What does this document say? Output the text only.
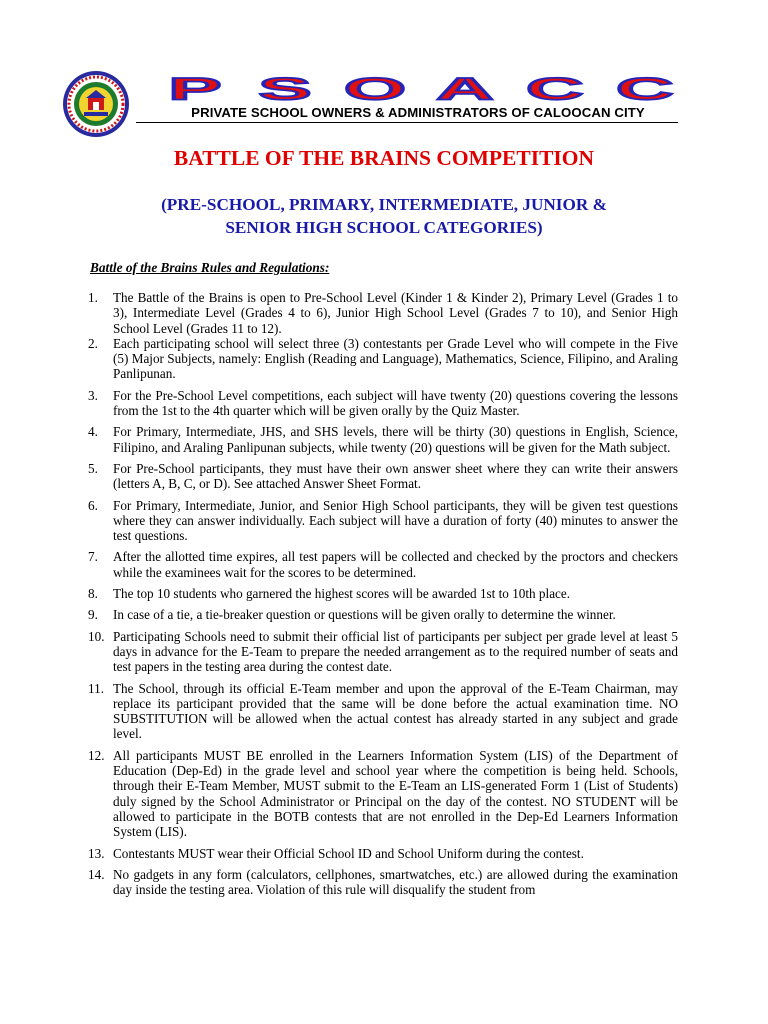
P S O A C C
PRIVATE SCHOOL OWNERS & ADMINISTRATORS OF CALOOCAN CITY
BATTLE OF THE BRAINS COMPETITION
(PRE-SCHOOL, PRIMARY, INTERMEDIATE, JUNIOR &
SENIOR HIGH SCHOOL CATEGORIES)
Battle of the Brains Rules and Regulations:
1.	The Battle of the Brains is open to Pre-School Level (Kinder 1 & Kinder 2), Primary Level (Grades 1 to 3), Intermediate Level (Grades 4 to 6), Junior High School Level (Grades 7 to 10), and Senior High School Level (Grades 11 to 12).
2.	Each participating school will select three (3) contestants per Grade Level who will compete in the Five (5) Major Subjects, namely: English (Reading and Language), Mathematics, Science, Filipino, and Araling Panlipunan.
3.	For the Pre-School Level competitions, each subject will have twenty (20) questions covering the lessons from the 1st to the 4th quarter which will be given orally by the Quiz Master.
4.	For Primary, Intermediate, JHS, and SHS levels, there will be thirty (30) questions in English, Science, Filipino, and Araling Panlipunan subjects, while twenty (20) questions will be given for the Math subject.
5.	For Pre-School participants, they must have their own answer sheet where they can write their answers (letters A, B, C, or D). See attached Answer Sheet Format.
6.	For Primary, Intermediate, Junior, and Senior High School participants, they will be given test questions where they can answer individually. Each subject will have a duration of forty (40) minutes to answer the test questions.
7.	After the allotted time expires, all test papers will be collected and checked by the proctors and checkers while the examinees wait for the scores to be determined.
8.	The top 10 students who garnered the highest scores will be awarded 1st to 10th place.
9.	In case of a tie, a tie-breaker question or questions will be given orally to determine the winner.
10. Participating Schools need to submit their official list of participants per subject per grade level at least 5 days in advance for the E-Team to prepare the needed arrangement as to the required number of seats and test papers in the testing area during the contest date.
11. The School, through its official E-Team member and upon the approval of the E-Team Chairman, may replace its participant provided that the same will be done before the actual examination time. NO SUBSTITUTION will be allowed when the actual contest has already started in any subject and grade level.
12. All participants MUST BE enrolled in the Learners Information System (LIS) of the Department of Education (Dep-Ed) in the grade level and school year where the competition is being held. Schools, through their E-Team Member, MUST submit to the E-Team an LIS-generated Form 1 (List of Students) duly signed by the School Administrator or Principal on the day of the contest. NO STUDENT will be allowed to participate in the BOTB contests that are not enrolled in the Dep-Ed Learners Information System (LIS).
13. Contestants MUST wear their Official School ID and School Uniform during the contest.
14. No gadgets in any form (calculators, cellphones, smartwatches, etc.) are allowed during the examination day inside the testing area. Violation of this rule will disqualify the student from
